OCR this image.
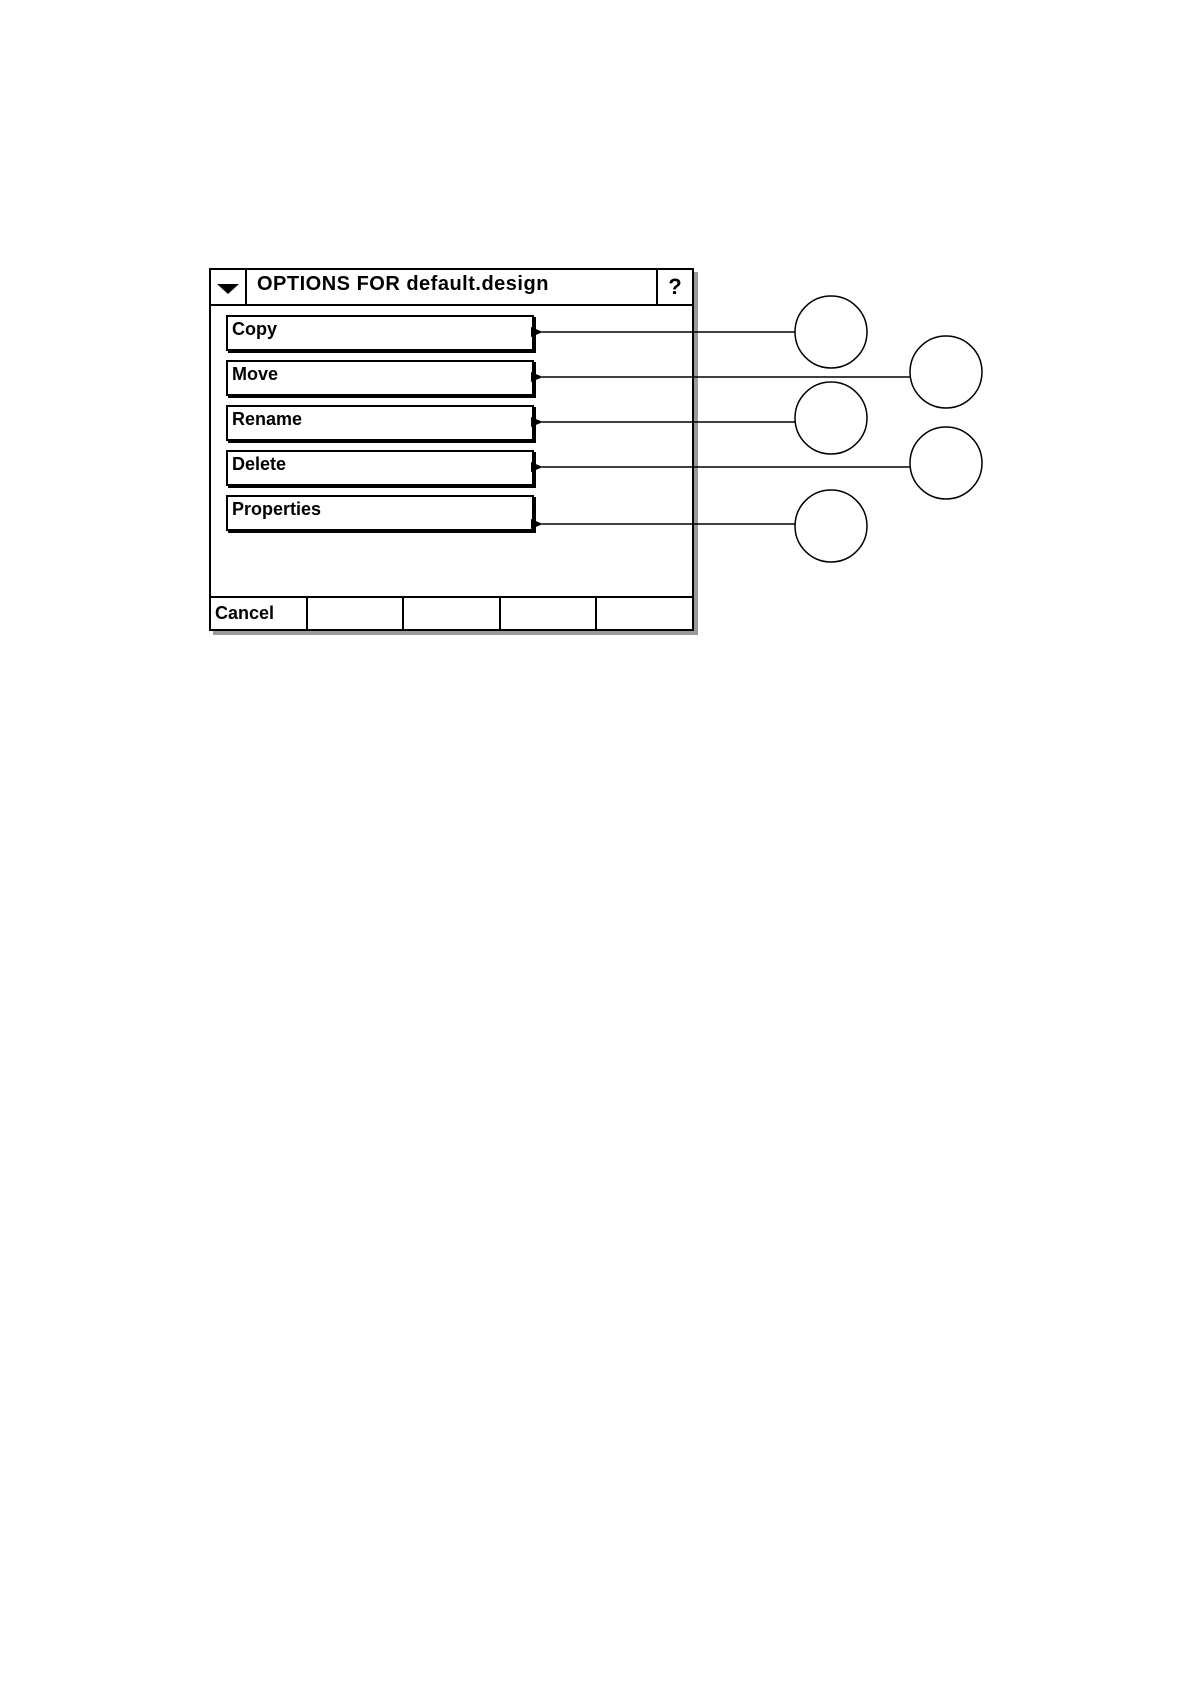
OPTIONS FOR default.design	?
Copy
Move
Rename
Delete
Properties
Cancel
